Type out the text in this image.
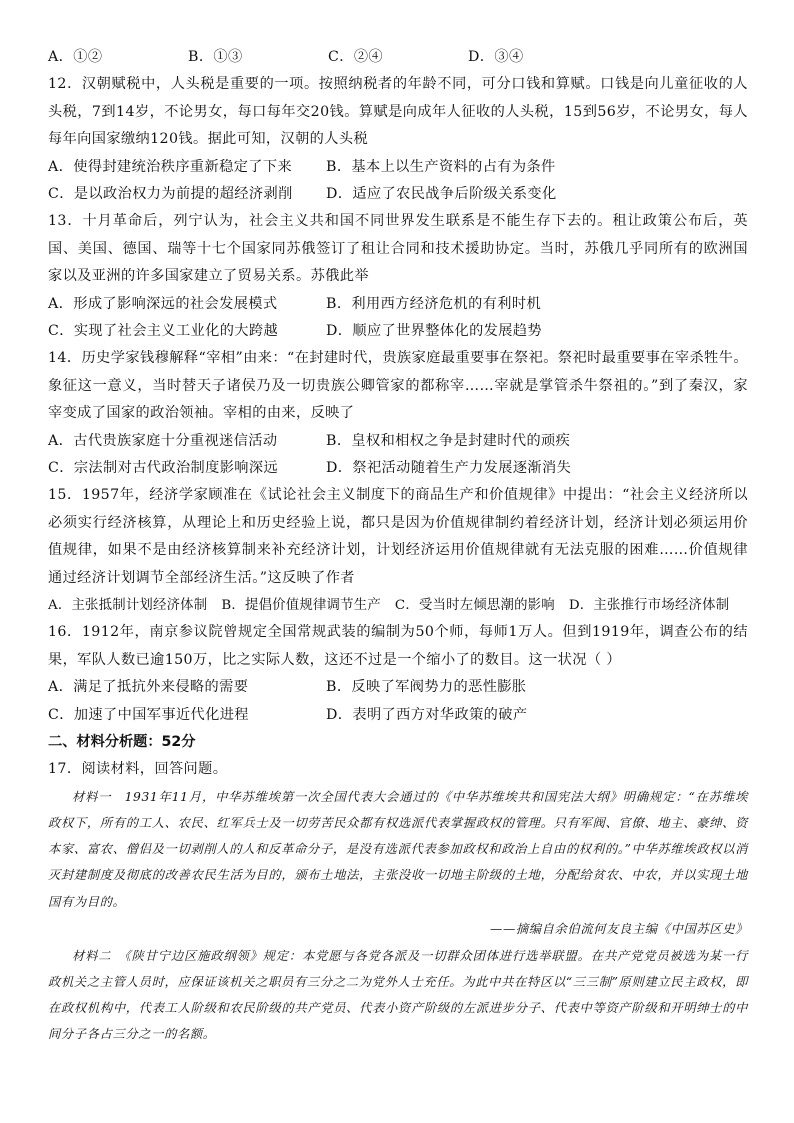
A．①②	B．①③	C．②④	D．③④
12．汉朝赋税中，人头税是重要的一项。按照纳税者的年龄不同，可分口钱和算赋。口钱是向儿童征收的人头税，7到14岁，不论男女，每口每年交20钱。算赋是向成年人征收的人头税，15到56岁，不论男女，每人每年向国家缴纳120钱。据此可知，汉朝的人头税
A．使得封建统治秩序重新稳定了下来	B．基本上以生产资料的占有为条件
C．是以政治权力为前提的超经济剥削	D．适应了农民战争后阶级关系变化
13．十月革命后，列宁认为，社会主义共和国不同世界发生联系是不能生存下去的。租让政策公布后，英国、美国、德国、瑞等十七个国家同苏俄签订了租让合同和技术援助协定。当时，苏俄几乎同所有的欧洲国家以及亚洲的许多国家建立了贸易关系。苏俄此举
A．形成了影响深远的社会发展模式	B．利用西方经济危机的有利时机
C．实现了社会主义工业化的大跨越	D．顺应了世界整体化的发展趋势
14．历史学家钱穆解释“宰相”由来：“在封建时代，贵族家庭最重要事在祭祀。祭祀时最重要事在宰杀牲牛。象征这一意义，当时替天子诸侯乃及一切贵族公卿管家的都称宰……宰就是掌管杀牛祭祖的。”到了秦汉，家宰变成了国家的政治领袖。宰相的由来，反映了
A．古代贵族家庭十分重视迷信活动	B．皇权和相权之争是封建时代的顽疾
C．宗法制对古代政治制度影响深远	D．祭祀活动随着生产力发展逐渐消失
15．1957年，经济学家顾准在《试论社会主义制度下的商品生产和价值规律》中提出：“社会主义经济所以必须实行经济核算，从理论上和历史经验上说，都只是因为价值规律制约着经济计划，经济计划必须运用价值规律，如果不是由经济核算制来补充经济计划，计划经济运用价值规律就有无法克服的困难……价值规律通过经济计划调节全部经济生活。”这反映了作者
A．主张抵制计划经济体制 B．提倡价值规律调节生产 C．受当时左倾思潮的影响 D．主张推行市场经济体制
16．1912年，南京参议院曾规定全国常规武装的编制为50个师，每师1万人。但到1919年，调查公布的结果，军队人数已逾150万，比之实际人数，这还不过是一个缩小了的数目。这一状况（ ）
A．满足了抵抗外来侵略的需要	B．反映了军阀势力的恶性膨胀
C．加速了中国军事近代化进程	D．表明了西方对华政策的破产
二、材料分析题：52分
17．阅读材料，回答问题。
材料一　1931年11月，中华苏维埃第一次全国代表大会通过的《中华苏维埃共和国宪法大纲》明确规定：“在苏维埃政权下，所有的工人、农民、红军兵士及一切劳苦民众都有权选派代表掌握政权的管理。只有军阀、官僚、地主、豪绅、资本家、富农、僧侣及一切剥削人的人和反革命分子，是没有选派代表参加政权和政治上自由的权利的。”中华苏维埃政权以消灭封建制度及彻底的改善农民生活为目的，颁布土地法，主张没收一切地主阶级的土地，分配给贫农、中农，并以实现土地国有为目的。
——摘编自余伯流何友良主编《中国苏区史》
材料二　《陕甘宁边区施政纲领》规定：本党愿与各党各派及一切群众团体进行选举联盟。在共产党党员被选为某一行政机关之主管人员时，应保证该机关之职员有三分之二为党外人士充任。为此中共在特区以“三三制”原则建立民主政权，即在政权机构中，代表工人阶级和农民阶级的共产党员、代表小资产阶级的左派进步分子、代表中等资产阶级和开明绅士的中间分子各占三分之一的名额。
